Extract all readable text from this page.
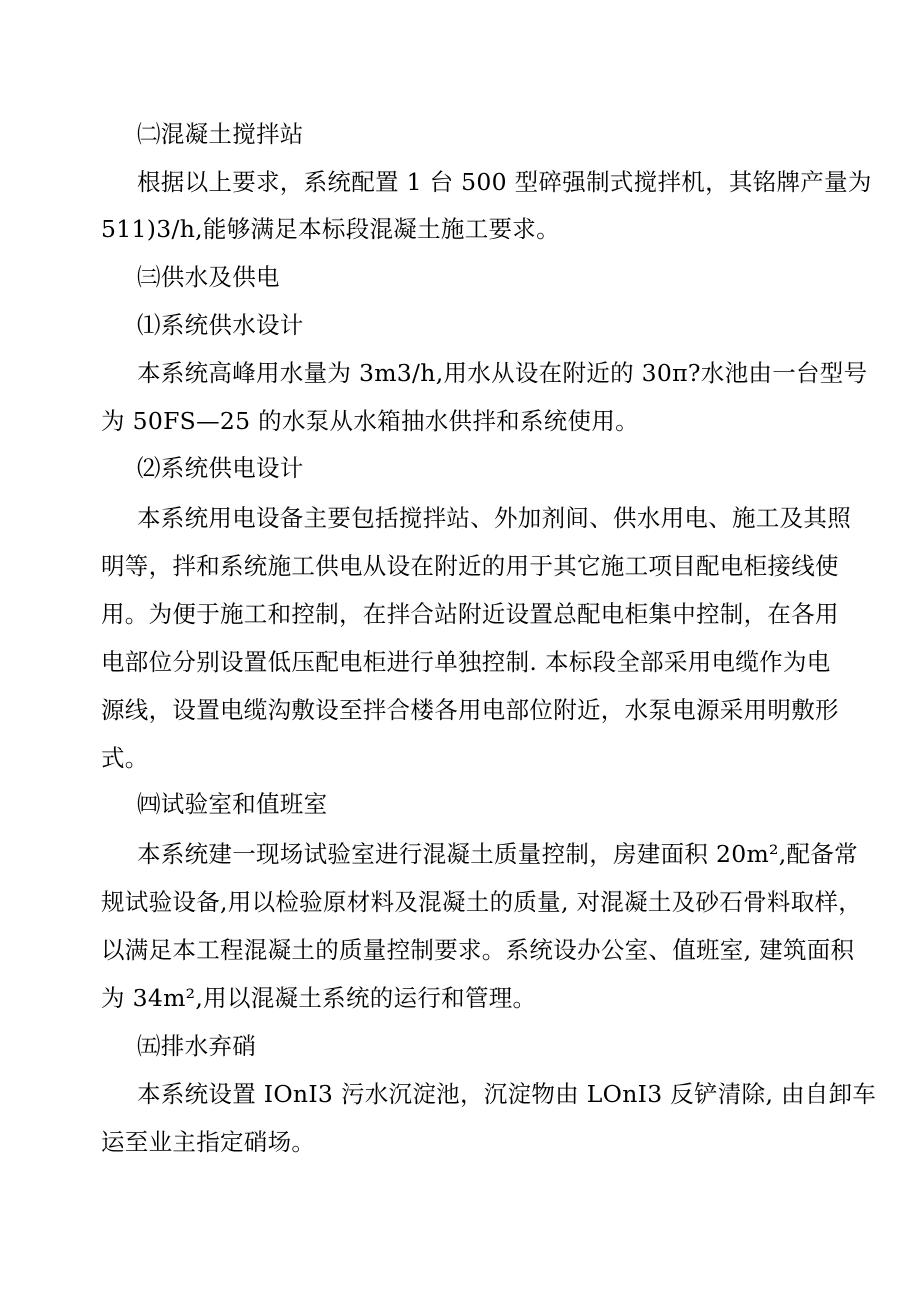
㈡混凝土搅拌站
根据以上要求，系统配置 1 台 500 型碎强制式搅拌机，其铭牌产量为
511)3∕h,能够满足本标段混凝土施工要求。
㈢供水及供电
⑴系统供水设计
本系统高峰用水量为 3m3∕h,用水从设在附近的 30π?水池由一台型号
为 50FS—25 的水泵从水箱抽水供拌和系统使用。
⑵系统供电设计
本系统用电设备主要包括搅拌站、外加剂间、供水用电、施工及其照
明等，拌和系统施工供电从设在附近的用于其它施工项目配电柜接线使
用。为便于施工和控制，在拌合站附近设置总配电柜集中控制，在各用
电部位分别设置低压配电柜进行单独控制. 本标段全部采用电缆作为电
源线，设置电缆沟敷设至拌合楼各用电部位附近，水泵电源采用明敷形
式。
㈣试验室和值班室
本系统建一现场试验室进行混凝土质量控制，房建面积 20m²,配备常
规试验设备,用以检验原材料及混凝土的质量, 对混凝土及砂石骨料取样，
以满足本工程混凝土的质量控制要求。系统设办公室、值班室, 建筑面积
为 34m²,用以混凝土系统的运行和管理。
㈤排水弃硝
本系统设置 IOnI3 污水沉淀池，沉淀物由 LOnI3 反铲清除, 由自卸车
运至业主指定硝场。
